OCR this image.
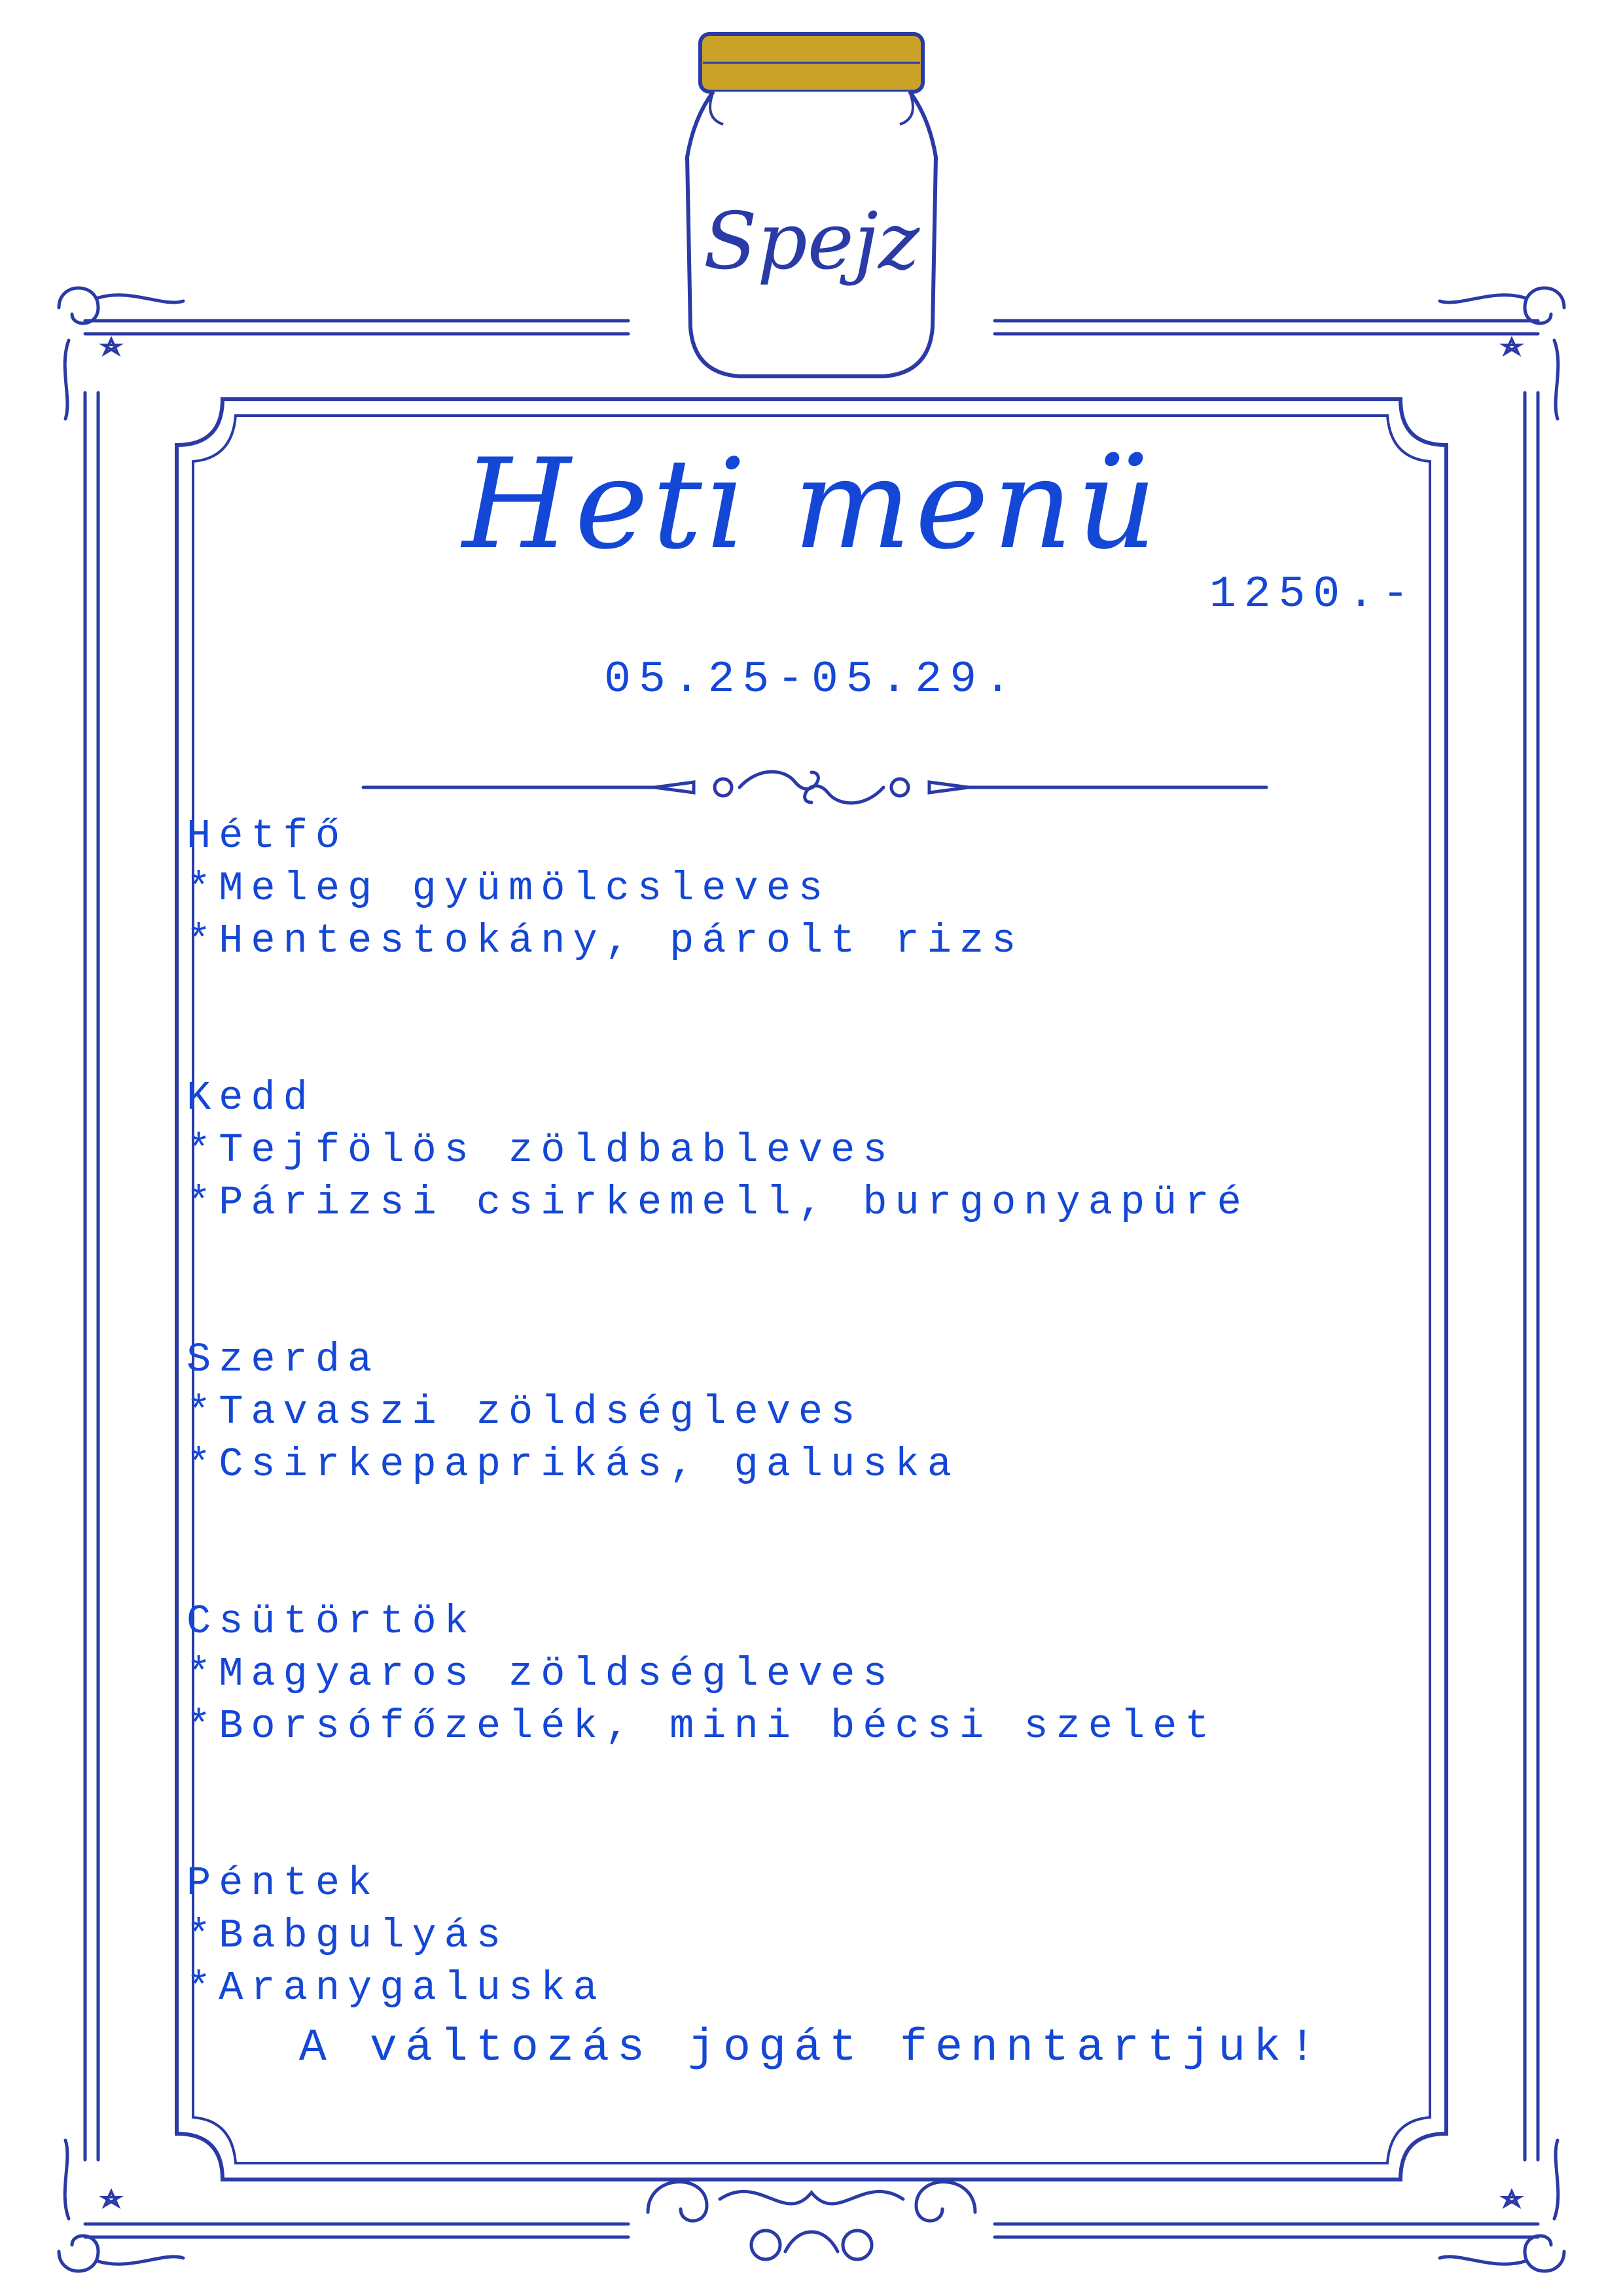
Spejz
Heti menü
1250.-
05.25-05.29.
Hétfő
*Meleg gyümölcsleves
*Hentestokány, párolt rizs
Kedd
*Tejfölös zöldbableves
*Párizsi csirkemell, burgonyapüré
Szerda
*Tavaszi zöldségleves
*Csirkepaprikás, galuska
Csütörtök
*Magyaros zöldségleves
*Borsófőzelék, mini bécsi szelet
Péntek
*Babgulyás
*Aranygaluska
A változás jogát fenntartjuk!
